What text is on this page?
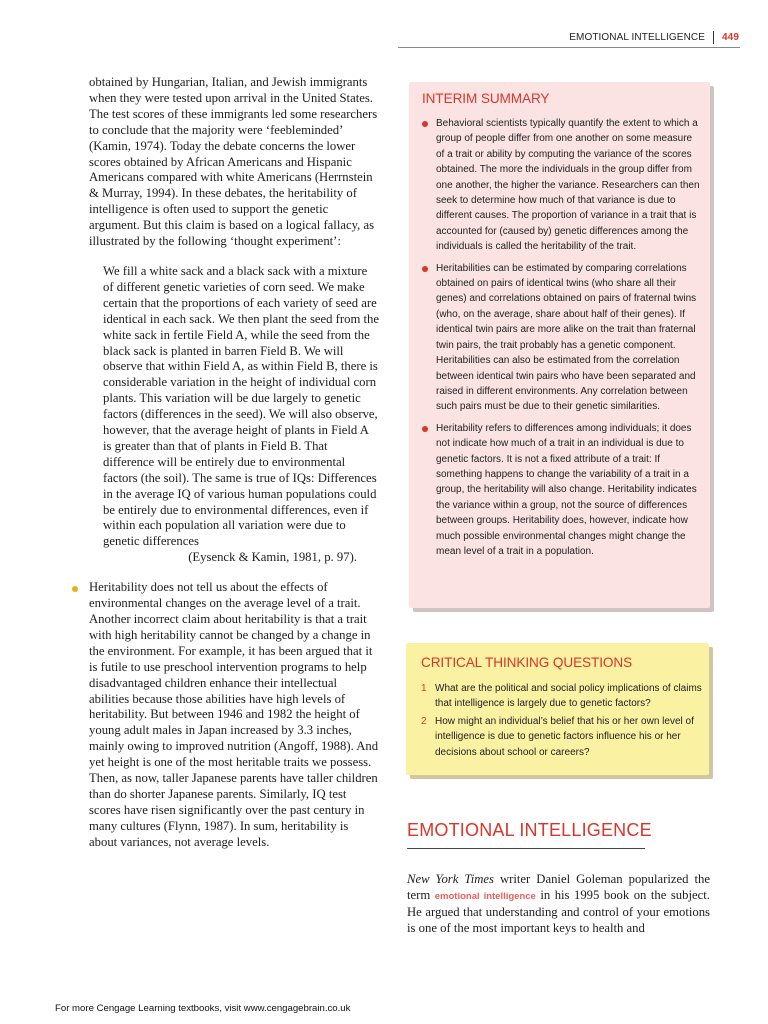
EMOTIONAL INTELLIGENCE 449

obtained by Hungarian, Italian, and Jewish immigrants when they were tested upon arrival in the United States. The test scores of these immigrants led some researchers to conclude that the majority were ‘feebleminded’ (Kamin, 1974). Today the debate concerns the lower scores obtained by African Americans and Hispanic Americans compared with white Americans (Herrnstein & Murray, 1994). In these debates, the heritability of intelligence is often used to support the genetic argument. But this claim is based on a logical fallacy, as illustrated by the following ‘thought experiment’:

We fill a white sack and a black sack with a mixture of different genetic varieties of corn seed. We make certain that the proportions of each variety of seed are identical in each sack. We then plant the seed from the white sack in fertile Field A, while the seed from the black sack is planted in barren Field B. We will observe that within Field A, as within Field B, there is considerable variation in the height of individual corn plants. This variation will be due largely to genetic factors (differences in the seed). We will also observe, however, that the average height of plants in Field A is greater than that of plants in Field B. That difference will be entirely due to environmental factors (the soil). The same is true of IQs: Differences in the average IQ of various human populations could be entirely due to environmental differences, even if within each population all variation were due to genetic differences

(Eysenck & Kamin, 1981, p. 97).

Heritability does not tell us about the effects of environmental changes on the average level of a trait. Another incorrect claim about heritability is that a trait with high heritability cannot be changed by a change in the environment. For example, it has been argued that it is futile to use preschool intervention programs to help disadvantaged children enhance their intellectual abilities because those abilities have high levels of heritability. But between 1946 and 1982 the height of young adult males in Japan increased by 3.3 inches, mainly owing to improved nutrition (Angoff, 1988). And yet height is one of the most heritable traits we possess. Then, as now, taller Japanese parents have taller children than do shorter Japanese parents. Similarly, IQ test scores have risen significantly over the past century in many cultures (Flynn, 1987). In sum, heritability is about variances, not average levels.

INTERIM SUMMARY
Behavioral scientists typically quantify the extent to which a group of people differ from one another on some measure of a trait or ability by computing the variance of the scores obtained. The more the individuals in the group differ from one another, the higher the variance. Researchers can then seek to determine how much of that variance is due to different causes. The proportion of variance in a trait that is accounted for (caused by) genetic differences among the individuals is called the heritability of the trait.
Heritabilities can be estimated by comparing correlations obtained on pairs of identical twins (who share all their genes) and correlations obtained on pairs of fraternal twins (who, on the average, share about half of their genes). If identical twin pairs are more alike on the trait than fraternal twin pairs, the trait probably has a genetic component. Heritabilities can also be estimated from the correlation between identical twin pairs who have been separated and raised in different environments. Any correlation between such pairs must be due to their genetic similarities.
Heritability refers to differences among individuals; it does not indicate how much of a trait in an individual is due to genetic factors. It is not a fixed attribute of a trait: If something happens to change the variability of a trait in a group, the heritability will also change. Heritability indicates the variance within a group, not the source of differences between groups. Heritability does, however, indicate how much possible environmental changes might change the mean level of a trait in a population.
CRITICAL THINKING QUESTIONS
1 What are the political and social policy implications of claims that intelligence is largely due to genetic factors?
2 How might an individual’s belief that his or her own level of intelligence is due to genetic factors influence his or her decisions about school or careers?
EMOTIONAL INTELLIGENCE

New York Times writer Daniel Goleman popularized the term emotional intelligence in his 1995 book on the subject. He argued that understanding and control of your emotions is one of the most important keys to health and

For more Cengage Learning textbooks, visit www.cengagebrain.co.uk
